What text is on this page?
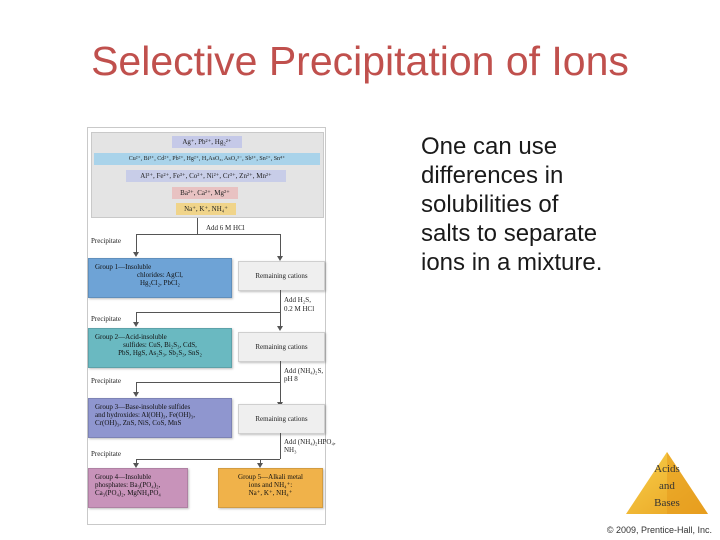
Selective Precipitation of Ions
One can use
differences in
solubilities of
salts to separate
ions in a mixture.
Ag⁺, Pb²⁺, Hg₂²⁺
Cu²⁺, Bi³⁺, Cd²⁺, Pb²⁺, Hg²⁺, H₃AsO₃, AsO₄³⁻, Sb³⁺, Sn²⁺, Sn⁴⁺
Al³⁺, Fe²⁺, Fe³⁺, Co²⁺, Ni²⁺, Cr³⁺, Zn²⁺, Mn²⁺
Ba²⁺, Ca²⁺, Mg²⁺
Na⁺, K⁺, NH₄⁺
Add 6 M HCl
Precipitate
Group 1—Insoluble
chlorides: AgCl,
Hg₂Cl₂, PbCl₂
Remaining cations
Add H₂S,
0.2 M HCl
Precipitate
Group 2—Acid-insoluble
sulfides: CuS, Bi₂S₃, CdS,
PbS, HgS, As₂S₃, Sb₂S₃, SnS₂
Remaining cations
Add (NH₄)₂S,
pH 8
Precipitate
Group 3—Base-insoluble sulfides
and hydroxides: Al(OH)₃, Fe(OH)₃,
Cr(OH)₃, ZnS, NiS, CoS, MnS	Remaining cations
Add (NH₄)₂HPO₄,
NH₃
Precipitate
Group 4—Insoluble
phosphates: Ba₃(PO₄)₂,
Ca₃(PO₄)₂, MgNH₄PO₄
Group 5—Alkali metal
ions and NH₄⁺:
Na⁺, K⁺, NH₄⁺
Acids
and
Bases
© 2009, Prentice-Hall, Inc.
